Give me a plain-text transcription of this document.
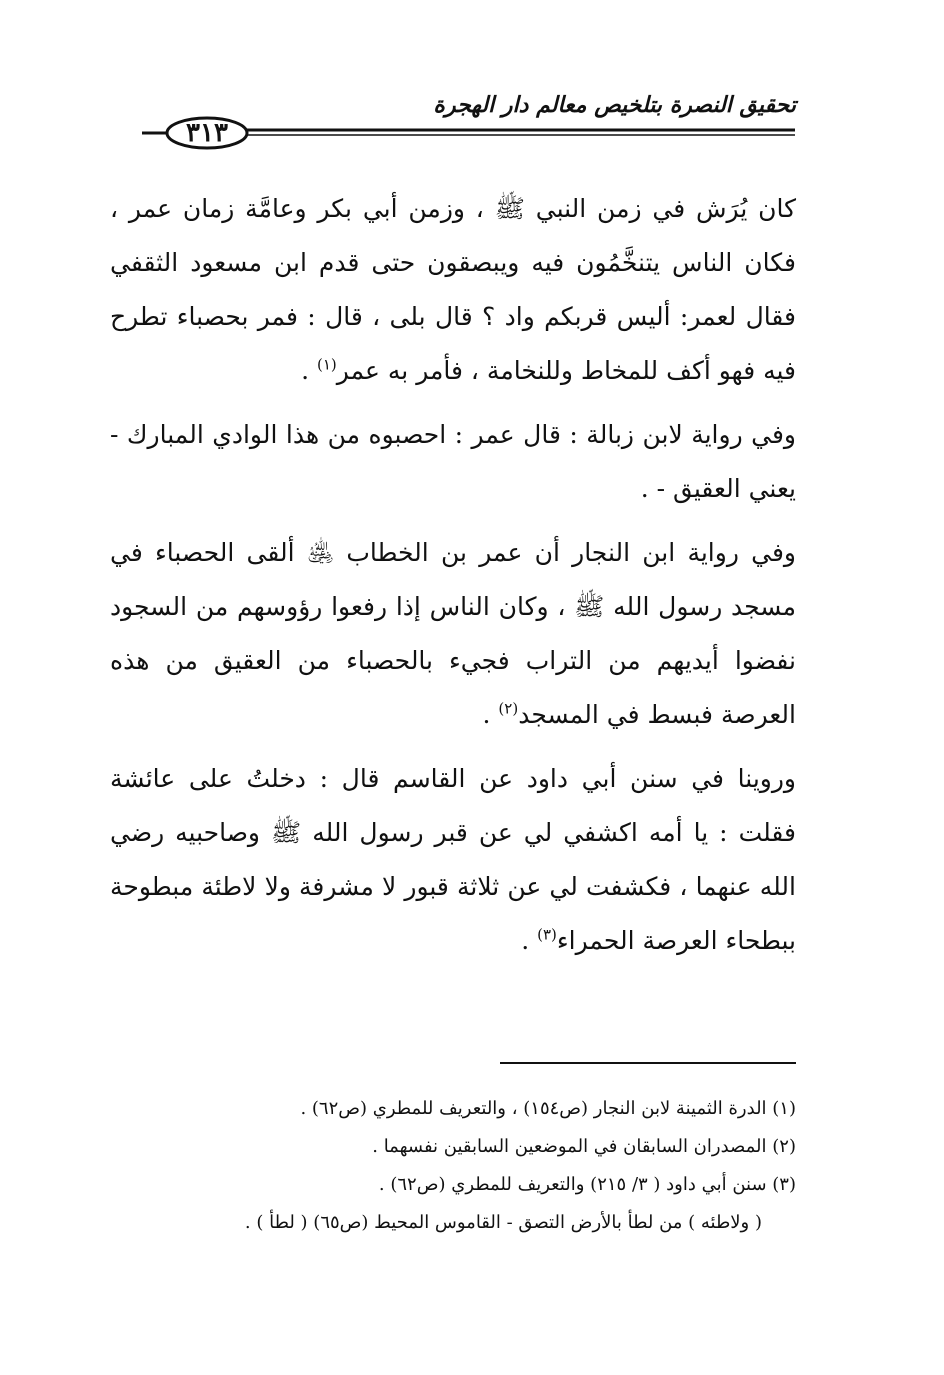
تحقيق النصرة بتلخيص معالم دار الهجرة
٣١٣

كان يُرَش في زمن النبي ﷺ ، وزمن أبي بكر وعامَّة زمان عمر ، فكان الناس يتنخَّمُون فيه ويبصقون حتى قدم ابن مسعود الثقفي فقال لعمر: أليس قربكم واد ؟ قال بلى ، قال : فمر بحصباء تطرح فيه فهو أكف للمخاط وللنخامة ، فأمر به عمر$^{(١)}$ .

وفي رواية لابن زبالة : قال عمر : احصبوه من هذا الوادي المبارك - يعني العقيق - .

وفي رواية ابن النجار أن عمر بن الخطاب ﵁ ألقى الحصباء في مسجد رسول الله ﷺ ، وكان الناس إذا رفعوا رؤوسهم من السجود نفضوا أيديهم من التراب فجيء بالحصباء من العقيق من هذه العرصة فبسط في المسجد$^{(٢)}$ .

وروينا في سنن أبي داود عن القاسم قال : دخلتُ على عائشة فقلت : يا أمه اكشفي لي عن قبر رسول الله ﷺ وصاحبيه رضي الله عنهما ، فكشفت لي عن ثلاثة قبور لا مشرفة ولا لاطئة مبطوحة ببطحاء العرصة الحمراء$^{(٣)}$ .

(١) الدرة الثمينة لابن النجار (ص١٥٤) ، والتعريف للمطري (ص٦٢) .

(٢) المصدران السابقان في الموضعين السابقين نفسهما .

(٣) سنن أبي داود ( ٣/ ٢١٥) والتعريف للمطري (ص٦٢) .

( ولاطئه ) من لطأ بالأرض التصق - القاموس المحيط (ص٦٥) ( لطأ ) .
